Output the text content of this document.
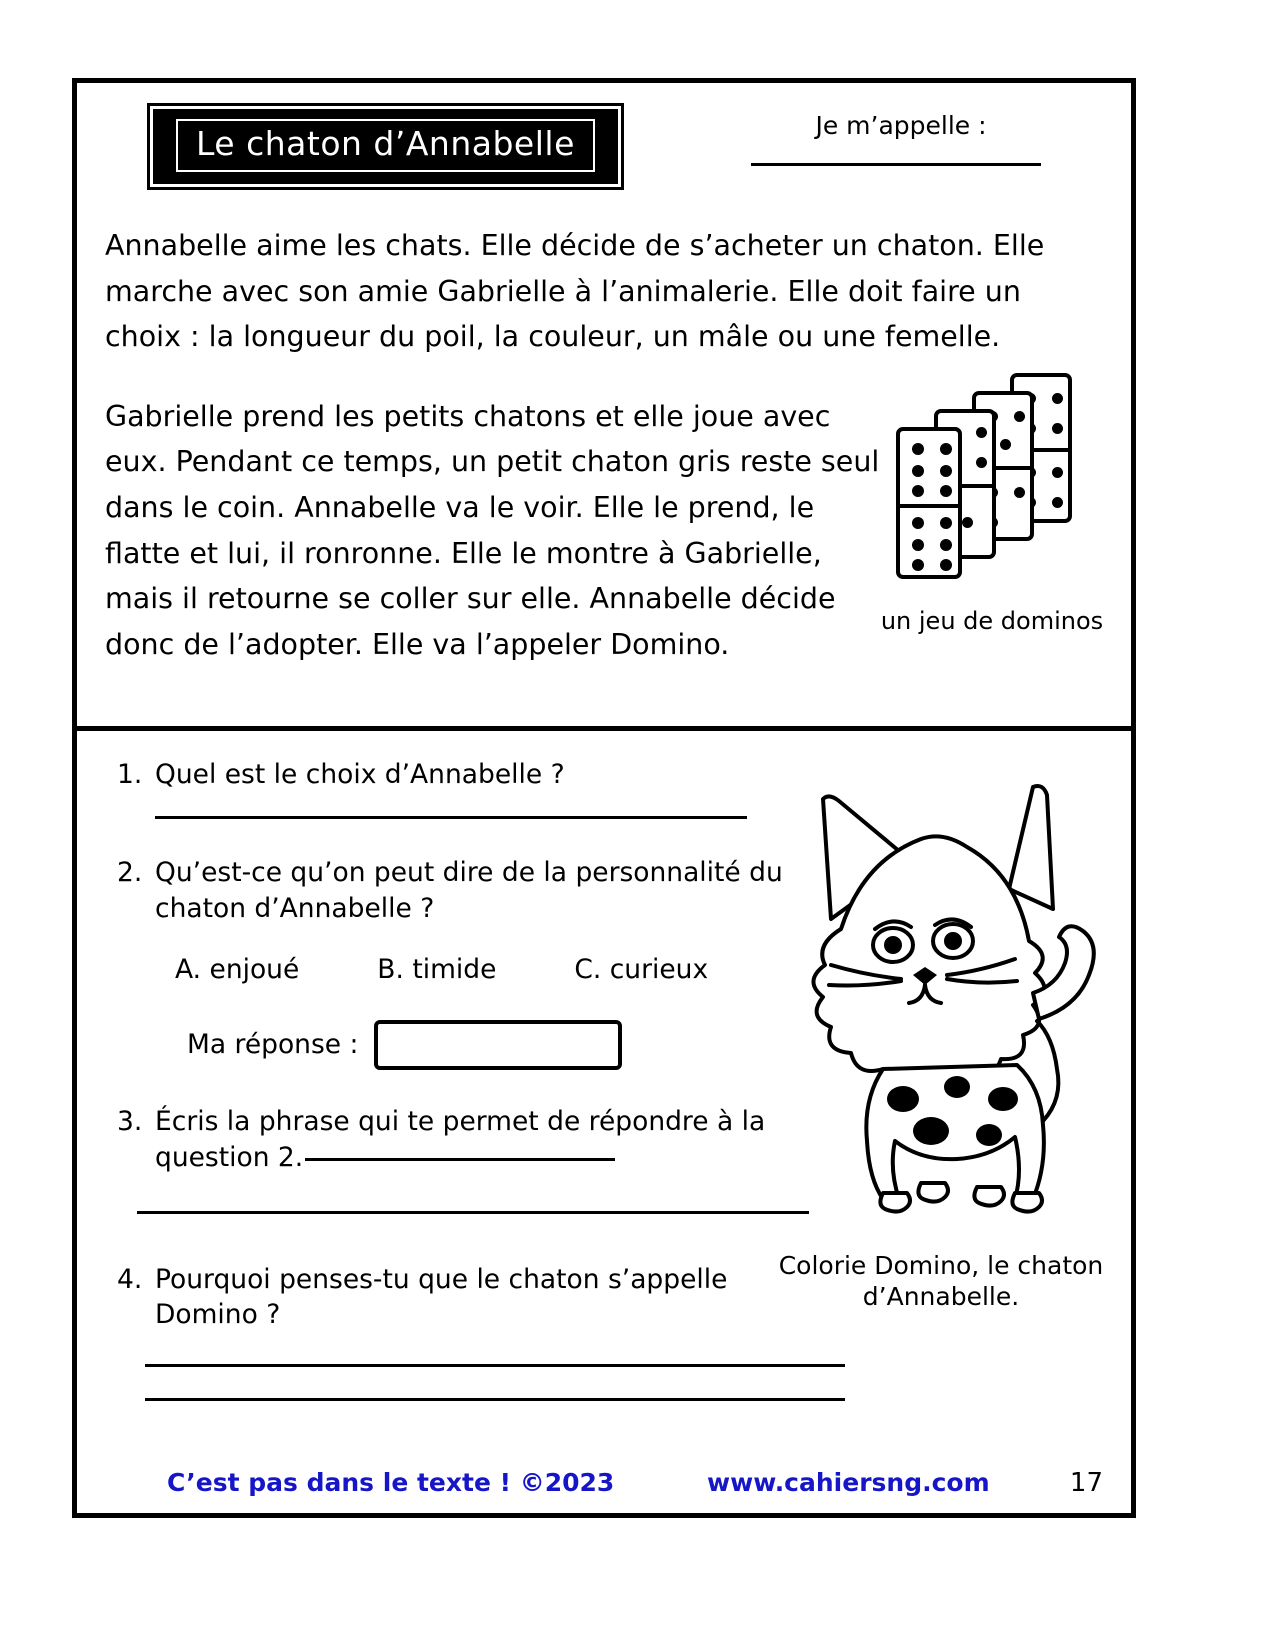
Le chaton d’Annabelle	Je m’appelle :

Annabelle aime les chats. Elle décide de s’acheter un chaton. Elle marche avec son amie Gabrielle à l’animalerie. Elle doit faire un choix : la longueur du poil, la couleur, un mâle ou une femelle.

Gabrielle prend les petits chatons et elle joue avec eux. Pendant ce temps, un petit chaton gris reste seul dans le coin. Annabelle va le voir. Elle le prend, le flatte et lui, il ronronne. Elle le montre à Gabrielle, mais il retourne se coller sur elle. Annabelle décide donc de l’adopter. Elle va l’appeler Domino.

un jeu de dominos
1. Quel est le choix d’Annabelle ?
2. Qu’est-ce qu’on peut dire de la personnalité du chaton d’Annabelle ?
A. enjoué	B. timide	C. curieux
Ma réponse :
3. Écris la phrase qui te permet de répondre à la question 2.
4. Pourquoi penses-tu que le chaton s’appelle Domino ?
Colorie Domino, le chaton d’Annabelle.
C’est pas dans le texte ! ©2023	www.cahiersng.com	17
